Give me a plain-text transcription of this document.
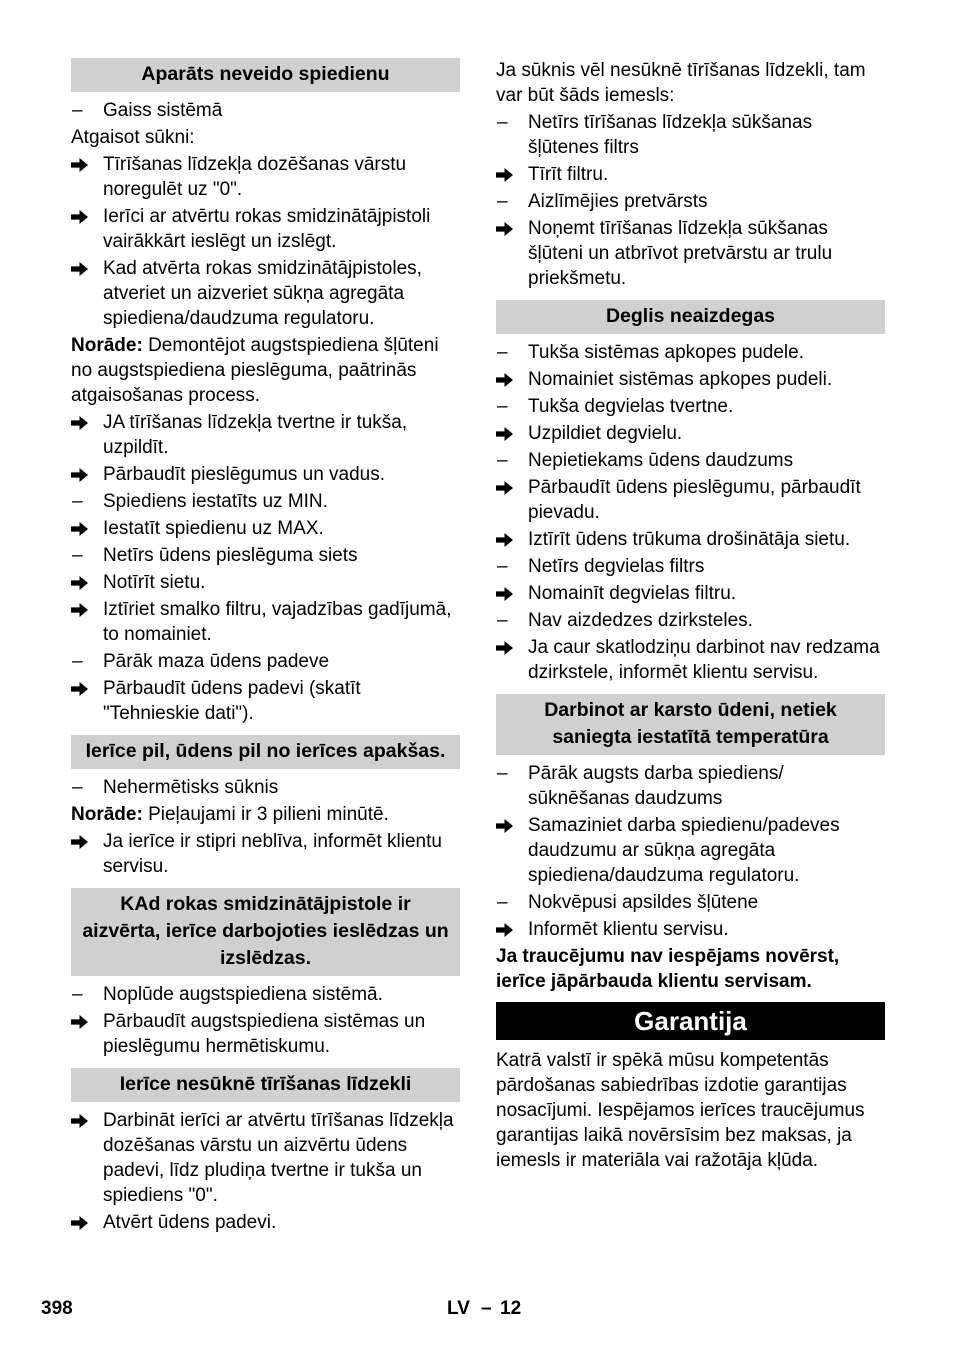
Aparāts neveido spiedienu
–	Gaiss sistēmā
Atgaisot sūkni:
Tīrīšanas līdzekļa dozēšanas vārstu noregulēt uz "0".
Ierīci ar atvērtu rokas smidzinātājpistoli vairākkārt ieslēgt un izslēgt.
Kad atvērta rokas smidzinātājpistoles, atveriet un aizveriet sūkņa agregāta spiediena/daudzuma regulatoru.
Norāde: Demontējot augstspiediena šļūteni no augstspiediena pieslēguma, paātrinās atgaisošanas process.
JA tīrīšanas līdzekļa tvertne ir tukša, uzpildīt.
Pārbaudīt pieslēgumus un vadus.
–	Spiediens iestatīts uz MIN.
Iestatīt spiedienu uz MAX.
–	Netīrs ūdens pieslēguma siets
Notīrīt sietu.
Iztīriet smalko filtru, vajadzības gadījumā, to nomainiet.
–	Pārāk maza ūdens padeve
Pārbaudīt ūdens padevi (skatīt "Tehnieskie dati").
Ierīce pil, ūdens pil no ierīces apakšas.
–	Nehermētisks sūknis
Norāde: Pieļaujami ir 3 pilieni minūtē.
Ja ierīce ir stipri neblīva, informēt klientu servisu.
KAd rokas smidzinātājpistole ir aizvērta, ierīce darbojoties ieslēdzas un izslēdzas.
–	Noplūde augstspiediena sistēmā.
Pārbaudīt augstspiediena sistēmas un pieslēgumu hermētiskumu.
Ierīce nesūknē tīrīšanas līdzekli
Darbināt ierīci ar atvērtu tīrīšanas līdzekļa dozēšanas vārstu un aizvērtu ūdens padevi, līdz pludiņa tvertne ir tukša un spiediens "0".
Atvērt ūdens padevi.
Ja sūknis vēl nesūknē tīrīšanas līdzekli, tam var būt šāds iemesls:
–	Netīrs tīrīšanas līdzekļa sūkšanas šļūtenes filtrs
Tīrīt filtru.
–	Aizlīmējies pretvārsts
Noņemt tīrīšanas līdzekļa sūkšanas šļūteni un atbrīvot pretvārstu ar trulu priekšmetu.
Deglis neaizdegas
–	Tukša sistēmas apkopes pudele.
Nomainiet sistēmas apkopes pudeli.
–	Tukša degvielas tvertne.
Uzpildiet degvielu.
–	Nepietiekams ūdens daudzums
Pārbaudīt ūdens pieslēgumu, pārbaudīt pievadu.
Iztīrīt ūdens trūkuma drošinātāja sietu.
–	Netīrs degvielas filtrs
Nomainīt degvielas filtru.
–	Nav aizdedzes dzirksteles.
Ja caur skatlodziņu darbinot nav redzama dzirkstele, informēt klientu servisu.
Darbinot ar karsto ūdeni, netiek saniegta iestatītā temperatūra
–	Pārāk augsts darba spiediens/ sūknēšanas daudzums
Samaziniet darba spiedienu/padeves daudzumu ar sūkņa agregāta spiediena/daudzuma regulatoru.
–	Nokvēpusi apsildes šļūtene
Informēt klientu servisu.
Ja traucējumu nav iespējams novērst, ierīce jāpārbauda klientu servisam.
Garantija
Katrā valstī ir spēkā mūsu kompetentās pārdošanas sabiedrības izdotie garantijas nosacījumi. Iespējamos ierīces traucējumus garantijas laikā novērsīsim bez maksas, ja iemesls ir materiāla vai ražotāja kļūda.
398	LV – 12
